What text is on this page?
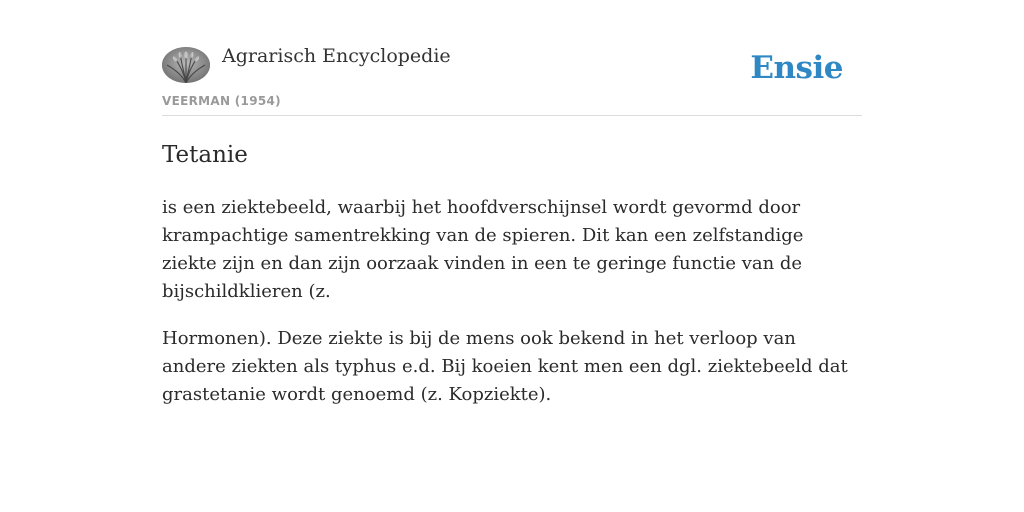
Agrarisch Encyclopedie
VEERMAN (1954)
Ensie
Tetanie

is een ziektebeeld, waarbij het hoofdverschijnsel wordt gevormd door krampachtige samentrekking van de spieren. Dit kan een zelfstandige ziekte zijn en dan zijn oorzaak vinden in een te geringe functie van de bijschildklieren (z.

Hormonen). Deze ziekte is bij de mens ook bekend in het verloop van andere ziekten als typhus e.d. Bij koeien kent men een dgl. ziektebeeld dat grastetanie wordt genoemd (z. Kopziekte).
